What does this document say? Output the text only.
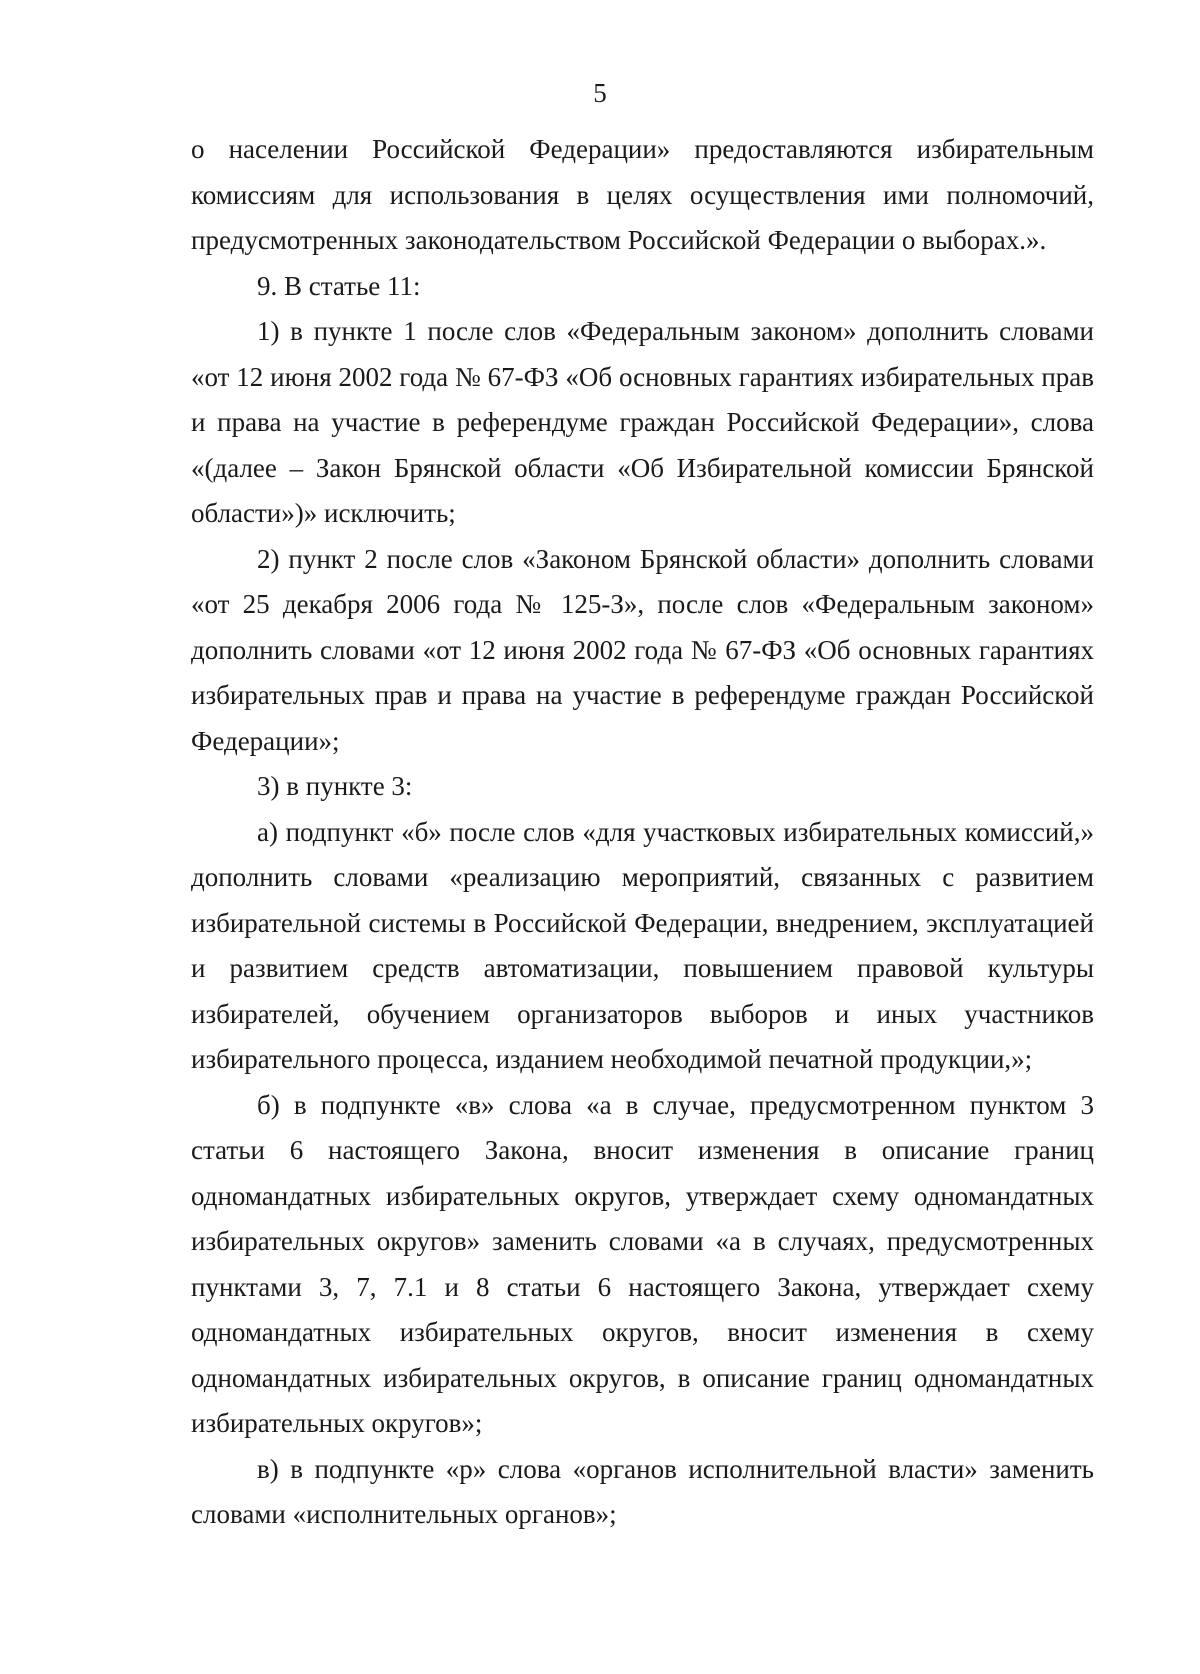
5

о населении Российской Федерации» предоставляются избирательным комиссиям для использования в целях осуществления ими полномочий, предусмотренных законодательством Российской Федерации о выборах.».

9. В статье 11:

1) в пункте 1 после слов «Федеральным законом» дополнить словами «от 12 июня 2002 года № 67-ФЗ «Об основных гарантиях избирательных прав и права на участие в референдуме граждан Российской Федерации», слова «(далее – Закон Брянской области «Об Избирательной комиссии Брянской области»)» исключить;

2) пункт 2 после слов «Законом Брянской области» дополнить словами «от 25 декабря 2006 года № 125-З», после слов «Федеральным законом» дополнить словами «от 12 июня 2002 года № 67-ФЗ «Об основных гарантиях избирательных прав и права на участие в референдуме граждан Российской Федерации»;

3) в пункте 3:

а) подпункт «б» после слов «для участковых избирательных комиссий,» дополнить словами «реализацию мероприятий, связанных с развитием избирательной системы в Российской Федерации, внедрением, эксплуатацией и развитием средств автоматизации, повышением правовой культуры избирателей, обучением организаторов выборов и иных участников избирательного процесса, изданием необходимой печатной продукции,»;

б) в подпункте «в» слова «а в случае, предусмотренном пунктом 3 статьи 6 настоящего Закона, вносит изменения в описание границ одномандатных избирательных округов, утверждает схему одномандатных избирательных округов» заменить словами «а в случаях, предусмотренных пунктами 3, 7, 7.1 и 8 статьи 6 настоящего Закона, утверждает схему одномандатных избирательных округов, вносит изменения в схему одномандатных избирательных округов, в описание границ одномандатных избирательных округов»;

в) в подпункте «р» слова «органов исполнительной власти» заменить словами «исполнительных органов»;
